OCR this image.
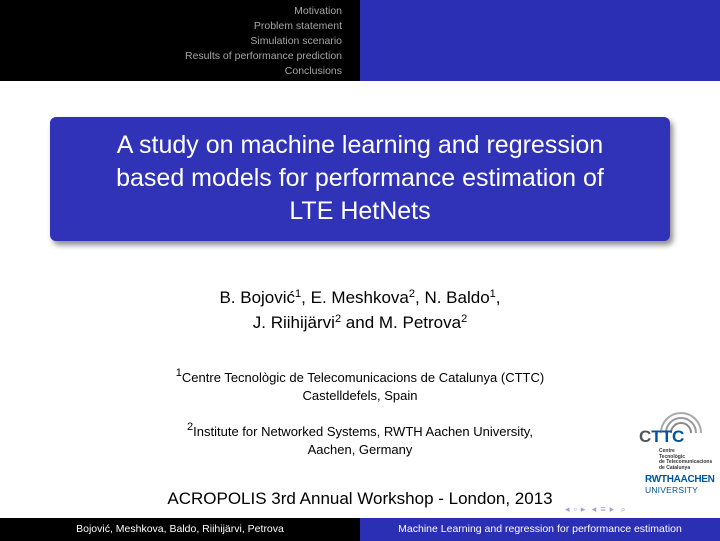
Motivation
Problem statement
Simulation scenario
Results of performance prediction
Conclusions
A study on machine learning and regression
based models for performance estimation of
LTE HetNets
B. Bojović$^1$, E. Meshkova$^2$, N. Baldo$^1$,
J. Riihijärvi$^2$ and M. Petrova$^2$
$^1$Centre Tecnològic de Telecomunicacions de Catalunya (CTTC)
Castelldefels, Spain
$^2$Institute for Networked Systems, RWTH Aachen University,
Aachen, Germany
ACROPOLIS 3rd Annual Workshop - London, 2013
CTTC
Centre
Tecnològic
de Telecomunicacions
de Catalunya
RWTHAACHEN
UNIVERSITY
◂ ▫ ▸ ◂ ≡ ▸ ⌕
Bojović, Meshkova, Baldo, Riihijärvi, Petrova	Machine Learning and regression for performance estimation
